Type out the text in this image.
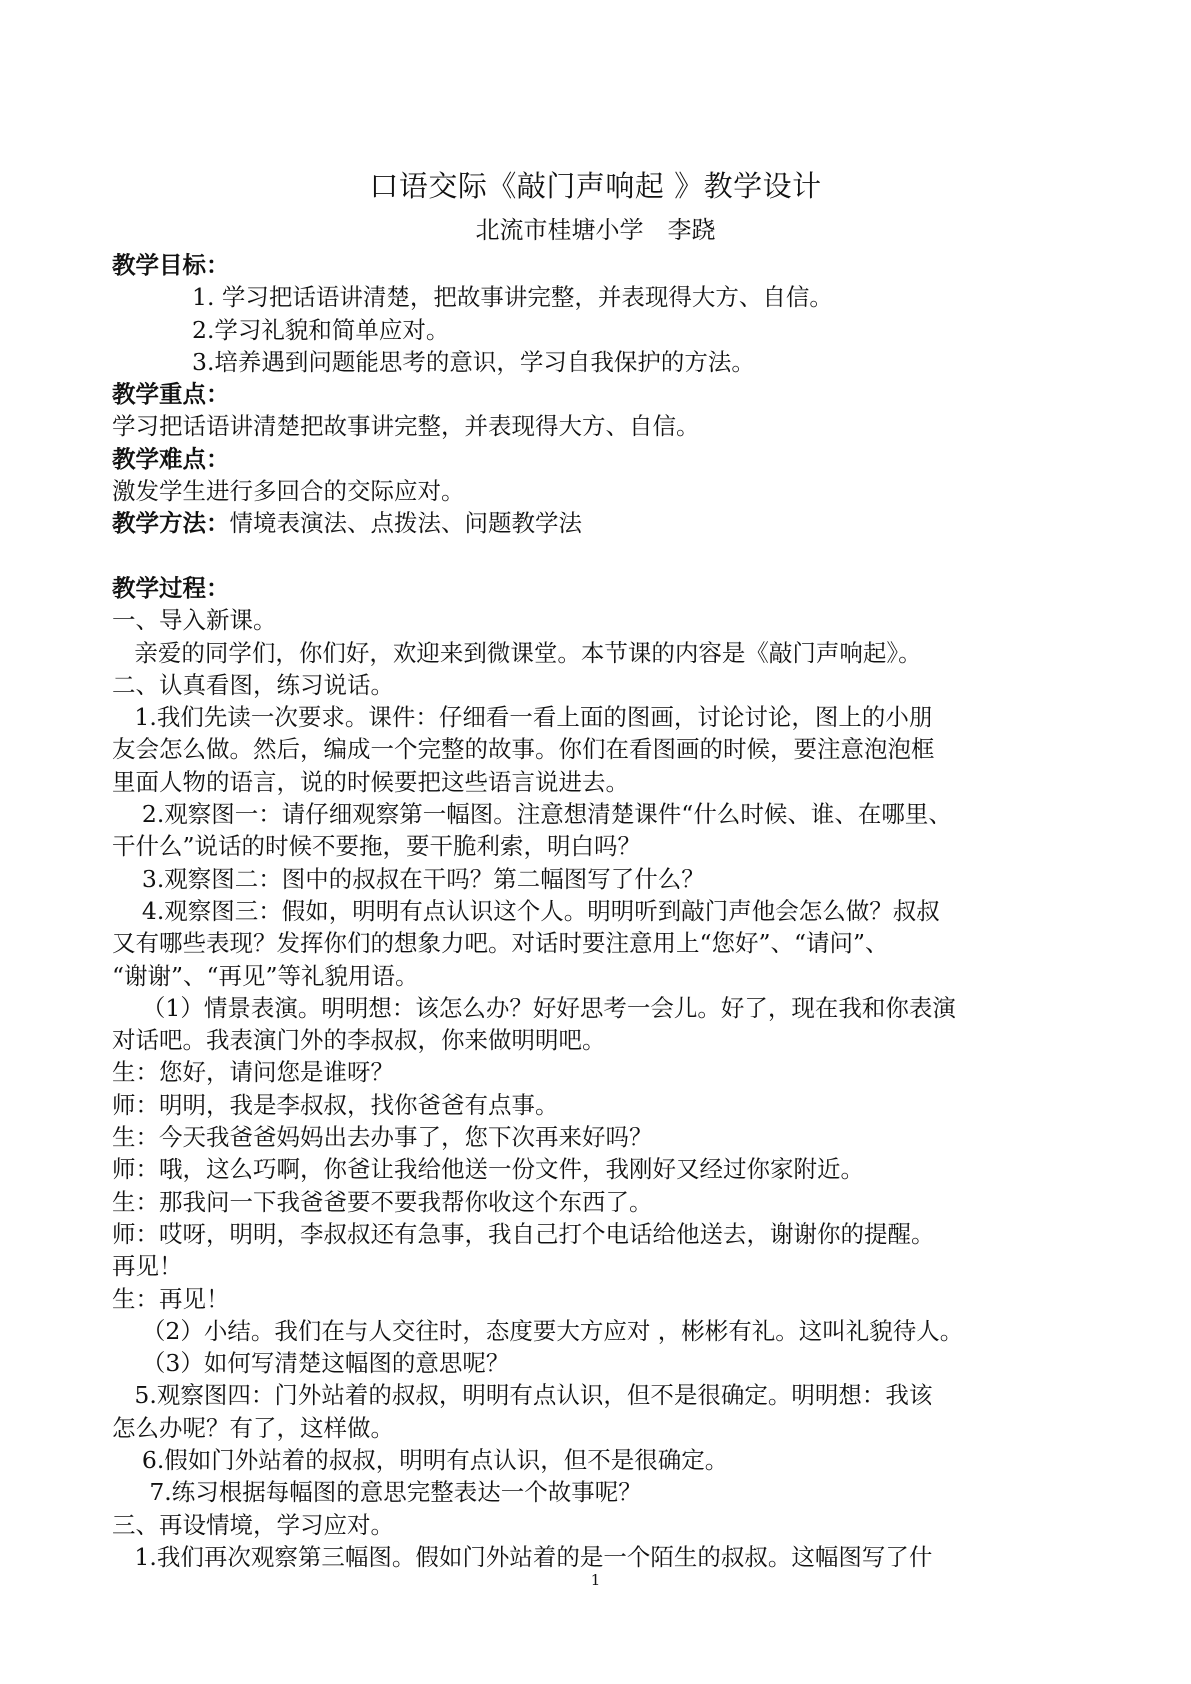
口语交际《敲门声响起 》教学设计
北流市桂塘小学　李跷
教学目标：
1. 学习把话语讲清楚，把故事讲完整，并表现得大方、自信。
2.学习礼貌和简单应对。
3.培养遇到问题能思考的意识，学习自我保护的方法。
教学重点：
学习把话语讲清楚把故事讲完整，并表现得大方、自信。
教学难点：
激发学生进行多回合的交际应对。
教学方法：情境表演法、点拨法、问题教学法
教学过程：
一、导入新课。
亲爱的同学们，你们好，欢迎来到微课堂。本节课的内容是《敲门声响起》。
二、认真看图，练习说话。
1.我们先读一次要求。课件：仔细看一看上面的图画，讨论讨论，图上的小朋
友会怎么做。然后，编成一个完整的故事。你们在看图画的时候，要注意泡泡框
里面人物的语言，说的时候要把这些语言说进去。
2.观察图一：请仔细观察第一幅图。注意想清楚课件“什么时候、谁、在哪里、
干什么”说话的时候不要拖，要干脆利索，明白吗？
3.观察图二：图中的叔叔在干吗？第二幅图写了什么？
4.观察图三：假如，明明有点认识这个人。明明听到敲门声他会怎么做？叔叔
又有哪些表现？发挥你们的想象力吧。对话时要注意用上“您好”、“请问”、
“谢谢”、“再见”等礼貌用语。
（1）情景表演。明明想：该怎么办？好好思考一会儿。好了，现在我和你表演
对话吧。我表演门外的李叔叔，你来做明明吧。
生：您好，请问您是谁呀？
师：明明，我是李叔叔，找你爸爸有点事。
生：今天我爸爸妈妈出去办事了，您下次再来好吗？
师：哦，这么巧啊，你爸让我给他送一份文件，我刚好又经过你家附近。
生：那我问一下我爸爸要不要我帮你收这个东西了。
师：哎呀，明明，李叔叔还有急事，我自己打个电话给他送去，谢谢你的提醒。
再见！
生：再见！
（2）小结。我们在与人交往时，态度要大方应对 ，彬彬有礼。这叫礼貌待人。
（3）如何写清楚这幅图的意思呢？
5.观察图四：门外站着的叔叔，明明有点认识，但不是很确定。明明想：我该
怎么办呢？有了，这样做。
6.假如门外站着的叔叔，明明有点认识，但不是很确定。
7.练习根据每幅图的意思完整表达一个故事呢？
三、再设情境，学习应对。
1.我们再次观察第三幅图。假如门外站着的是一个陌生的叔叔。这幅图写了什
1
